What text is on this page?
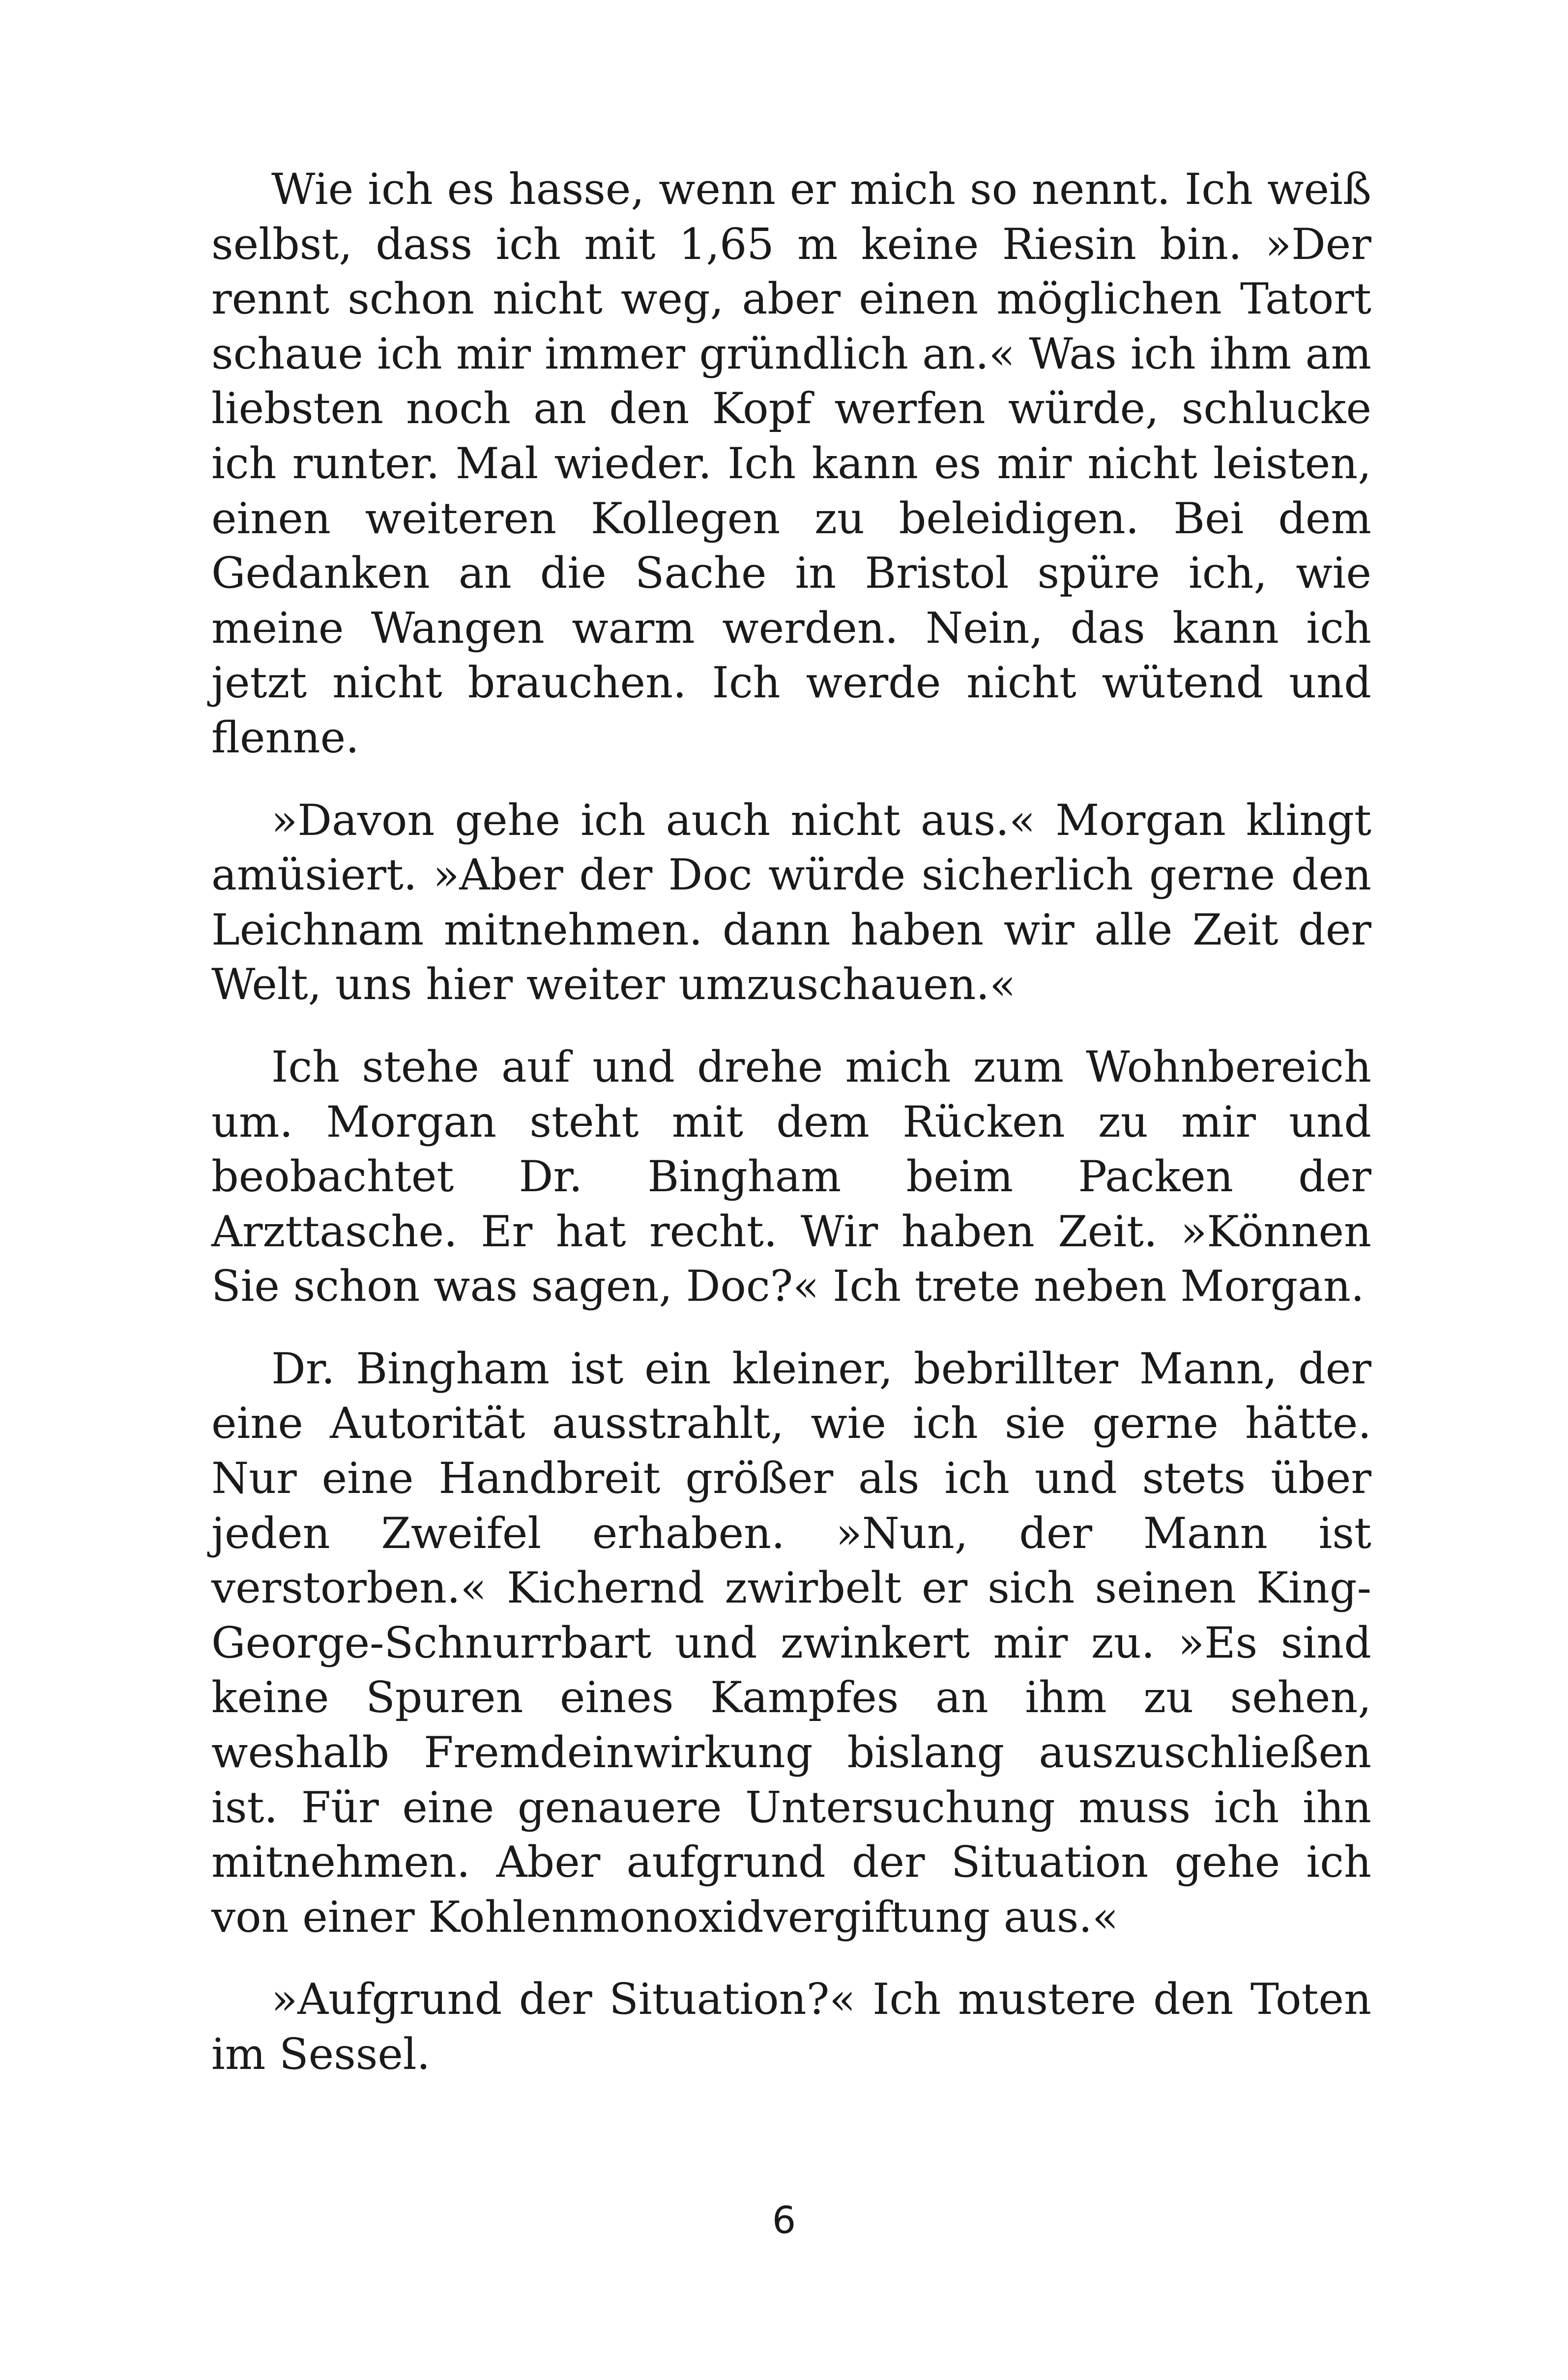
Wie ich es hasse, wenn er mich so nennt. Ich weiß selbst, dass ich mit 1,65 m keine Riesin bin. »Der rennt schon nicht weg, aber einen möglichen Tatort schaue ich mir immer gründlich an.« Was ich ihm am liebsten noch an den Kopf werfen würde, schlucke ich runter. Mal wieder. Ich kann es mir nicht leisten, einen weiteren Kollegen zu beleidigen. Bei dem Gedanken an die Sache in Bristol spüre ich, wie meine Wangen warm werden. Nein, das kann ich jetzt nicht brauchen. Ich werde nicht wütend und flenne.

»Davon gehe ich auch nicht aus.« Morgan klingt amüsiert. »Aber der Doc würde sicherlich gerne den Leichnam mitnehmen. dann haben wir alle Zeit der Welt, uns hier weiter umzuschauen.«

Ich stehe auf und drehe mich zum Wohnbereich um. Morgan steht mit dem Rücken zu mir und beobachtet Dr. Bingham beim Packen der Arzttasche. Er hat recht. Wir haben Zeit. »Können Sie schon was sagen, Doc?« Ich trete neben Morgan.

Dr. Bingham ist ein kleiner, bebrillter Mann, der eine Autorität ausstrahlt, wie ich sie gerne hätte. Nur eine Handbreit größer als ich und stets über jeden Zweifel erhaben. »Nun, der Mann ist verstorben.« Kichernd zwirbelt er sich seinen King-George-Schnurrbart und zwinkert mir zu. »Es sind keine Spuren eines Kampfes an ihm zu sehen, weshalb Fremdeinwirkung bislang auszuschließen ist. Für eine genauere Untersuchung muss ich ihn mitnehmen. Aber aufgrund der Situation gehe ich von einer Kohlenmonoxidvergiftung aus.«

»Aufgrund der Situation?« Ich mustere den Toten im Sessel.

6
